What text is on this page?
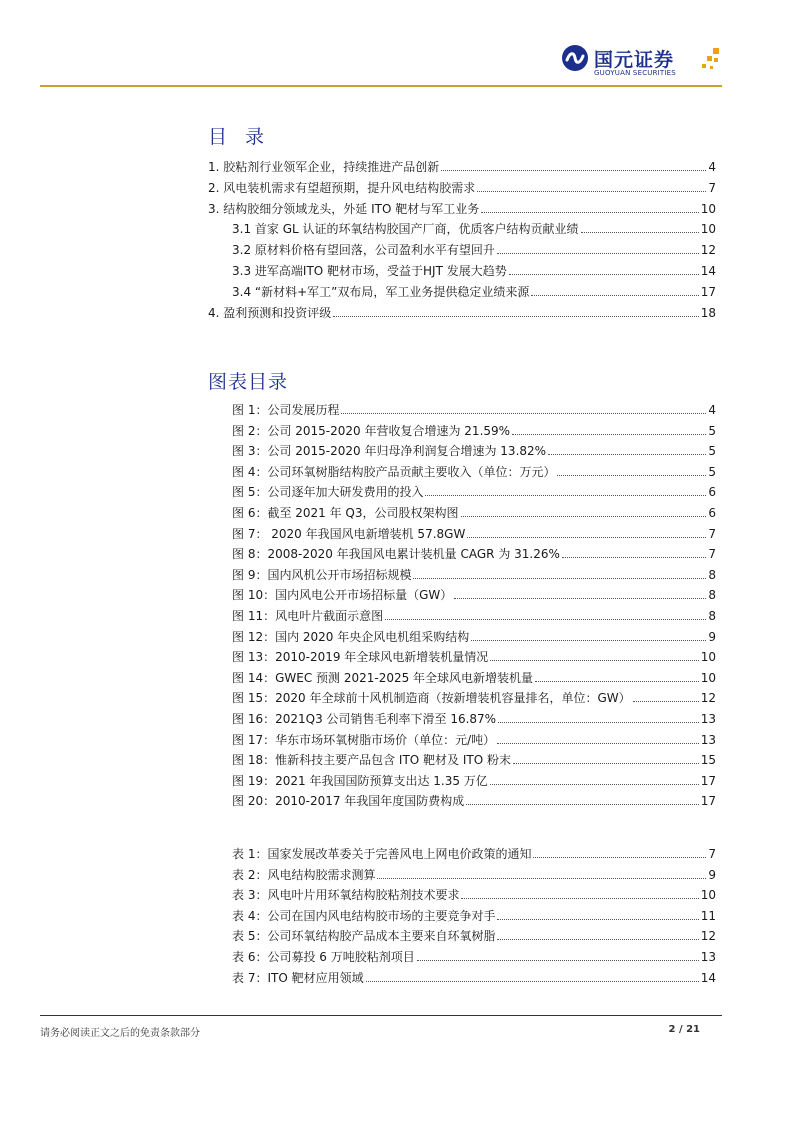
国元证券
GUOYUAN SECURITIES
目 录
1. 胶粘剂行业领军企业，持续推进产品创新	4
2. 风电装机需求有望超预期，提升风电结构胶需求	7
3. 结构胶细分领域龙头，外延 ITO 靶材与军工业务	10
3.1 首家 GL 认证的环氧结构胶国产厂商，优质客户结构贡献业绩	10
3.2 原材料价格有望回落，公司盈利水平有望回升	12
3.3 进军高端ITO 靶材市场，受益于HJT 发展大趋势	14
3.4 “新材料+军工”双布局，军工业务提供稳定业绩来源	17
4. 盈利预测和投资评级	18
图表目录
图 1：公司发展历程	4
图 2：公司 2015-2020 年营收复合增速为 21.59%	5
图 3：公司 2015-2020 年归母净利润复合增速为 13.82%	5
图 4：公司环氧树脂结构胶产品贡献主要收入（单位：万元）	5
图 5：公司逐年加大研发费用的投入	6
图 6：截至 2021 年 Q3，公司股权架构图	6
图 7： 2020 年我国风电新增装机 57.8GW	7
图 8：2008-2020 年我国风电累计装机量 CAGR 为 31.26%	7
图 9：国内风机公开市场招标规模	8
图 10：国内风电公开市场招标量（GW）	8
图 11：风电叶片截面示意图	8
图 12：国内 2020 年央企风电机组采购结构	9
图 13：2010-2019 年全球风电新增装机量情况	10
图 14：GWEC 预测 2021-2025 年全球风电新增装机量	10
图 15：2020 年全球前十风机制造商（按新增装机容量排名，单位：GW）	12
图 16：2021Q3 公司销售毛利率下滑至 16.87%	13
图 17：华东市场环氧树脂市场价（单位：元/吨）	13
图 18：惟新科技主要产品包含 ITO 靶材及 ITO 粉末	15
图 19：2021 年我国国防预算支出达 1.35 万亿	17
图 20：2010-2017 年我国年度国防费构成	17
表 1：国家发展改革委关于完善风电上网电价政策的通知	7
表 2：风电结构胶需求测算	9
表 3：风电叶片用环氧结构胶粘剂技术要求	10
表 4：公司在国内风电结构胶市场的主要竞争对手	11
表 5：公司环氧结构胶产品成本主要来自环氧树脂	12
表 6：公司募投 6 万吨胶粘剂项目	13
表 7：ITO 靶材应用领域	14
请务必阅读正文之后的免责条款部分	2 / 21
